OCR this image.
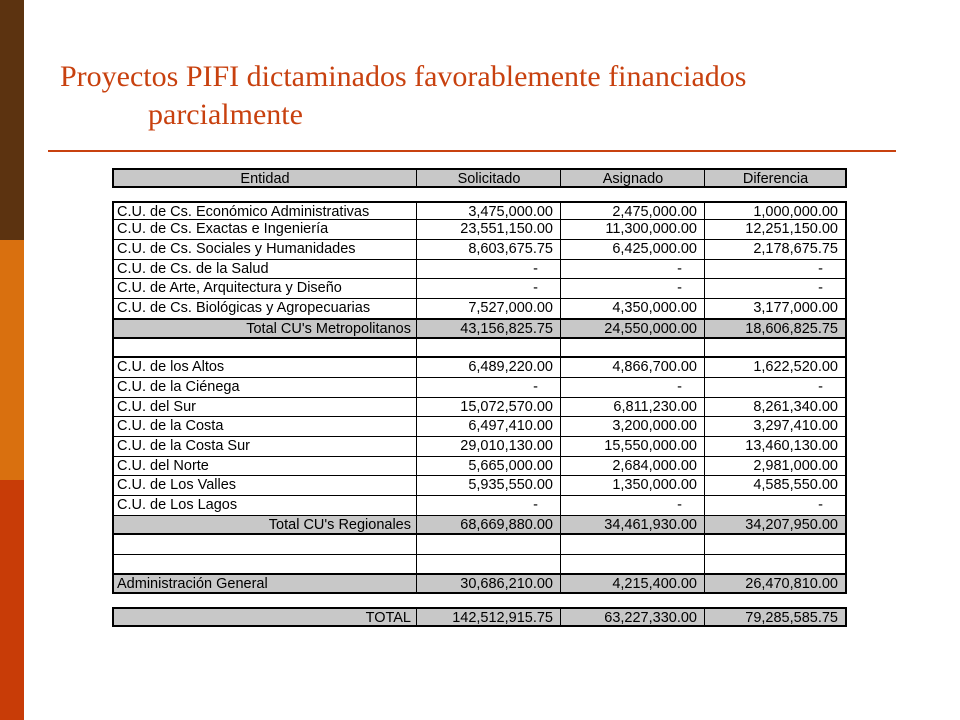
Proyectos PIFI dictaminados favorablemente financiados
parcialmente
Entidad	Solicitado	Asignado	Diferencia
C.U. de Cs. Económico Administrativas	3,475,000.00	2,475,000.00	1,000,000.00
C.U. de Cs. Exactas e Ingeniería	23,551,150.00	11,300,000.00	12,251,150.00
C.U. de Cs. Sociales y Humanidades	8,603,675.75	6,425,000.00	2,178,675.75
C.U. de Cs. de la Salud	-	-	-
C.U. de Arte, Arquitectura y Diseño	-	-	-
C.U. de Cs. Biológicas y Agropecuarias	7,527,000.00	4,350,000.00	3,177,000.00
Total CU's Metropolitanos	43,156,825.75	24,550,000.00	18,606,825.75
C.U. de los Altos	6,489,220.00	4,866,700.00	1,622,520.00
C.U. de la Ciénega	-	-	-
C.U. del Sur	15,072,570.00	6,811,230.00	8,261,340.00
C.U. de la Costa	6,497,410.00	3,200,000.00	3,297,410.00
C.U. de la Costa Sur	29,010,130.00	15,550,000.00	13,460,130.00
C.U. del Norte	5,665,000.00	2,684,000.00	2,981,000.00
C.U. de Los Valles	5,935,550.00	1,350,000.00	4,585,550.00
C.U. de Los Lagos	-	-	-
Total CU's Regionales	68,669,880.00	34,461,930.00	34,207,950.00
Administración General	30,686,210.00	4,215,400.00	26,470,810.00
TOTAL	142,512,915.75	63,227,330.00	79,285,585.75
